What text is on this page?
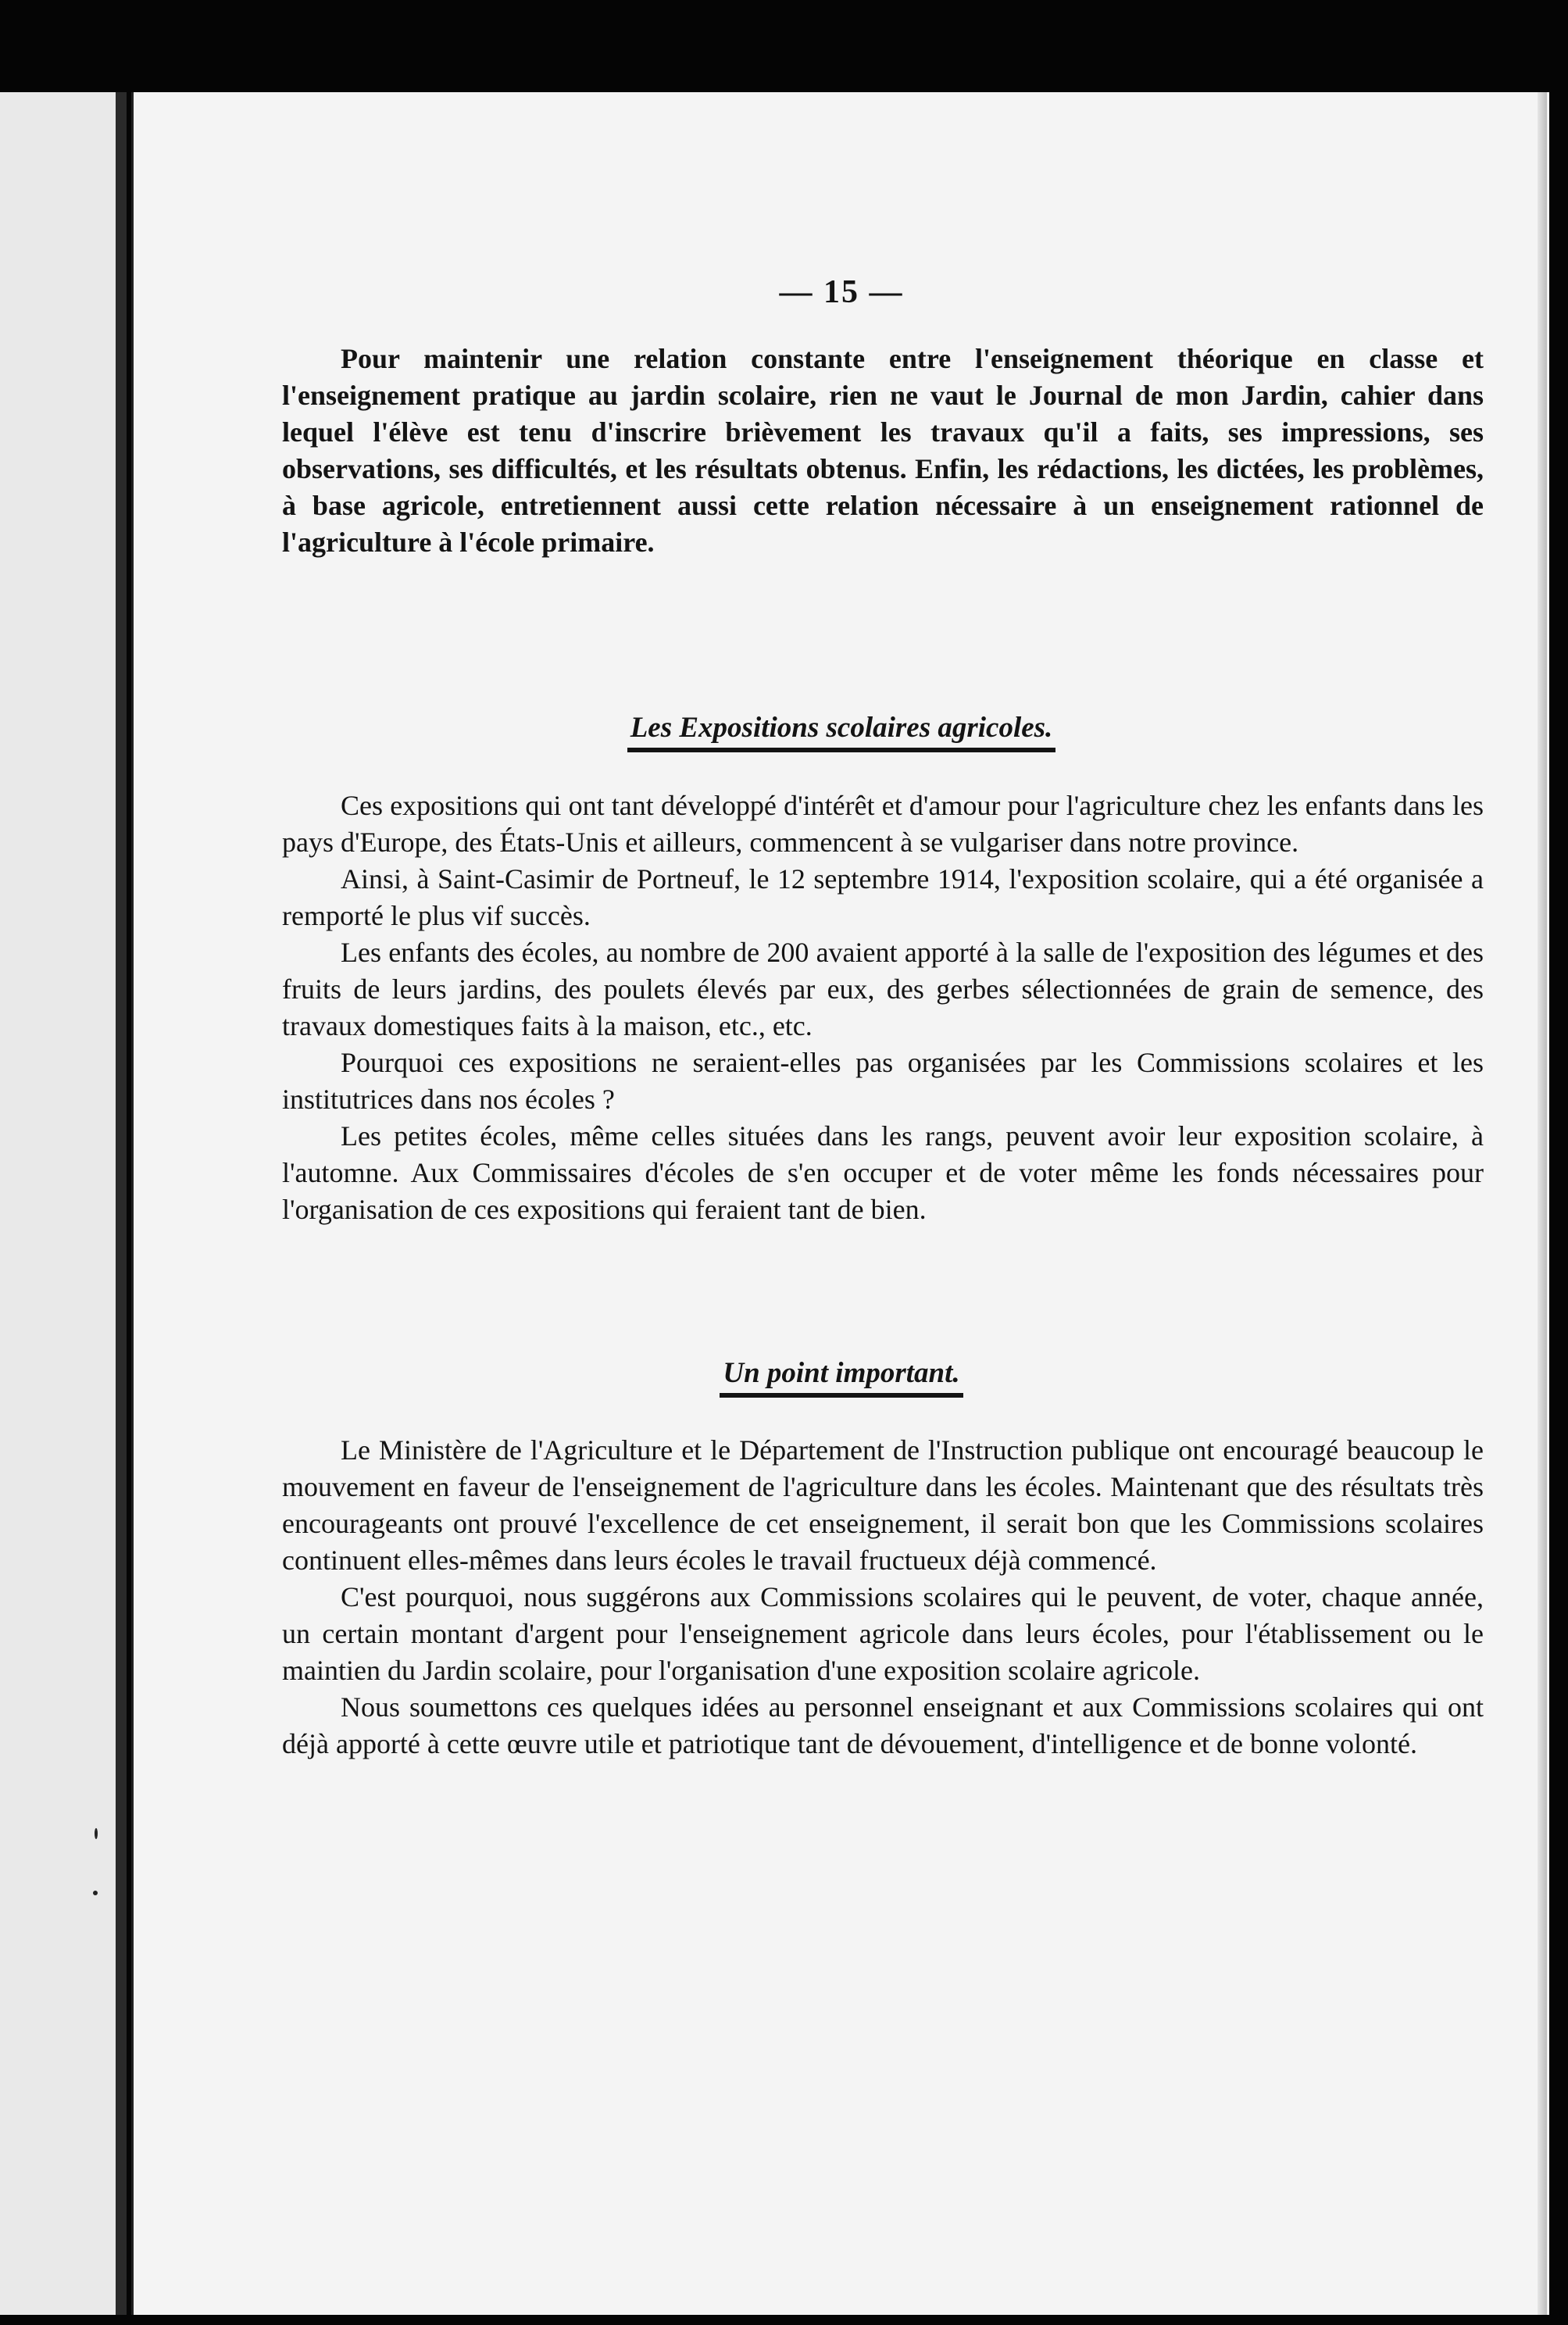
— 15 —

Pour maintenir une relation constante entre l'enseignement théorique en classe et l'enseignement pratique au jardin scolaire, rien ne vaut le Journal de mon Jardin, cahier dans lequel l'élève est tenu d'inscrire brièvement les travaux qu'il a faits, ses impressions, ses observations, ses difficultés, et les résultats obtenus. Enfin, les rédactions, les dictées, les problèmes, à base agricole, entretiennent aussi cette relation nécessaire à un enseignement rationnel de l'agriculture à l'école primaire.

Les Expositions scolaires agricoles.

Ces expositions qui ont tant développé d'intérêt et d'amour pour l'agriculture chez les enfants dans les pays d'Europe, des États-Unis et ailleurs, commencent à se vulgariser dans notre province.

Ainsi, à Saint-Casimir de Portneuf, le 12 septembre 1914, l'exposition scolaire, qui a été organisée a remporté le plus vif succès.

Les enfants des écoles, au nombre de 200 avaient apporté à la salle de l'exposition des légumes et des fruits de leurs jardins, des poulets élevés par eux, des gerbes sélectionnées de grain de semence, des travaux domestiques faits à la maison, etc., etc.

Pourquoi ces expositions ne seraient-elles pas organisées par les Commissions scolaires et les institutrices dans nos écoles ?

Les petites écoles, même celles situées dans les rangs, peuvent avoir leur exposition scolaire, à l'automne. Aux Commissaires d'écoles de s'en occuper et de voter même les fonds nécessaires pour l'organisation de ces expositions qui feraient tant de bien.

Un point important.

Le Ministère de l'Agriculture et le Département de l'Instruction publique ont encouragé beaucoup le mouvement en faveur de l'enseignement de l'agriculture dans les écoles. Maintenant que des résultats très encourageants ont prouvé l'excellence de cet enseignement, il serait bon que les Commissions scolaires continuent elles-mêmes dans leurs écoles le travail fructueux déjà commencé.

C'est pourquoi, nous suggérons aux Commissions scolaires qui le peuvent, de voter, chaque année, un certain montant d'argent pour l'enseignement agricole dans leurs écoles, pour l'établissement ou le maintien du Jardin scolaire, pour l'organisation d'une exposition scolaire agricole.

Nous soumettons ces quelques idées au personnel enseignant et aux Commissions scolaires qui ont déjà apporté à cette œuvre utile et patriotique tant de dévouement, d'intelligence et de bonne volonté.
